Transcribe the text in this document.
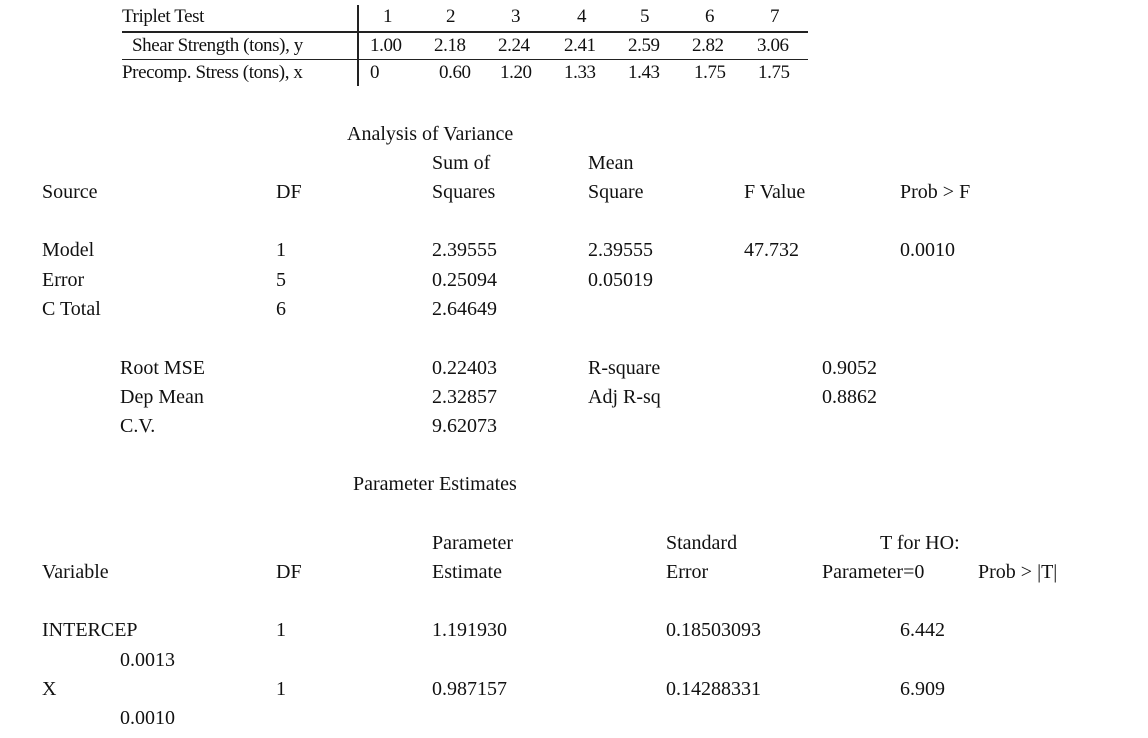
Triplet Test	1	2	3	4	5	6	7
Shear Strength (tons), y	1.00 2.18 2.24 2.41 2.59 2.82 3.06
Precomp. Stress (tons), x	0	0.60 1.20 1.33 1.43 1.75 1.75
Analysis of Variance
Sum of	Mean
Source	DF	Squares	Square	F Value	Prob > F
Model	1	2.39555	2.39555	47.732	0.0010
Error	5	0.25094	0.05019
C Total	6	2.64649
Root MSE	0.22403	R-square	0.9052
Dep Mean	2.32857	Adj R-sq	0.8862
C.V.	9.62073
Parameter Estimates
Parameter	Standard	T for HO:
Variable	DF	Estimate	Error	Parameter=0	Prob > |T|
INTERCEP	1	1.191930	0.18503093	6.442
0.0013
X	1	0.987157	0.14288331	6.909
0.0010
